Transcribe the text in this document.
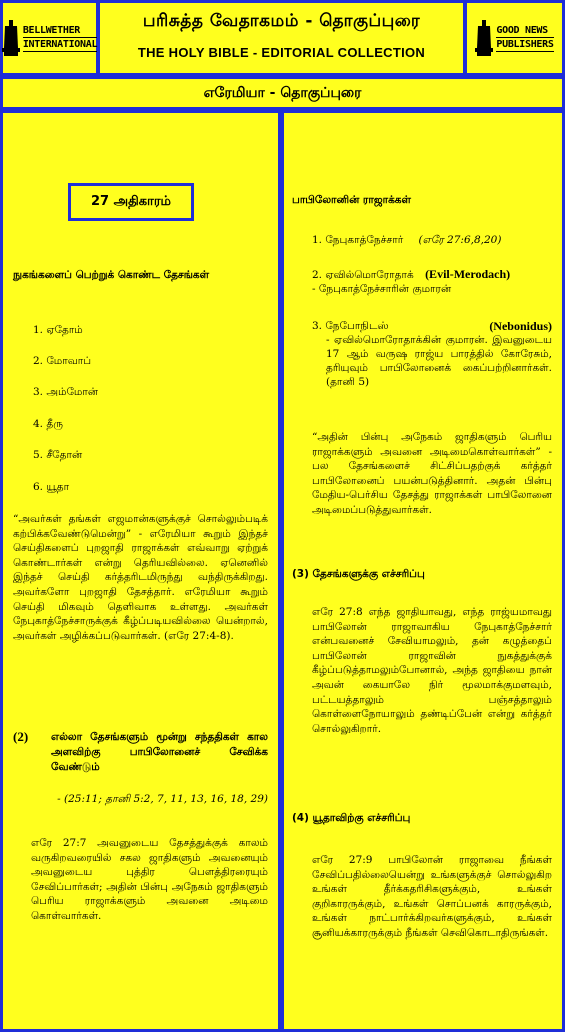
BELLWETHER
INTERNATIONAL
பரிசுத்த வேதாகமம் - தொகுப்புரை
THE HOLY BIBLE - EDITORIAL COLLECTION
GOOD NEWS
PUBLISHERS
எரேமியா - தொகுப்புரை
27 அதிகாரம்
நுகங்களைப் பெற்றுக் கொண்ட தேசங்கள்
1. ஏதோம்
2. மோவாப்
3. அம்மோன்
4. தீரு
5. சீதோன்
6. யூதா
“அவர்கள் தங்கள் எஜமான்களுக்குச் சொல்லும்படிக் கற்பிக்கவேண்டுமென்று” - எரேமியா கூறும் இந்தச் செய்திகளைப் புறஜாதி ராஜாக்கள் எவ்வாறு ஏற்றுக் கொண்டார்கள் என்று தெரியவில்லை. ஏனெனில் இந்தச் செய்தி கர்த்தரிடமிருந்து வந்திருக்கிறது. அவர்களோ புறஜாதி தேசத்தார். எரேமியா கூறும் செய்தி மிகவும் தெளிவாக உள்ளது. அவர்கள் நேபுகாத்நேச்சாருக்குக் கீழ்ப்படியவில்லை யென்றால், அவர்கள் அழிக்கப்படுவார்கள். (எரே 27:4-8).
(2) எல்லா தேசங்களும் மூன்று சந்ததிகள் கால அளவிற்கு பாபிலோனைச் சேவிக்க வேண்டும்
- (25:11; தானி 5:2, 7, 11, 13, 16, 18, 29)
எரே 27:7 அவனுடைய தேசத்துக்குக் காலம் வருகிறவரையில் சகல ஜாதிகளும் அவனையும் அவனுடைய புத்திர பௌத்திரரையும் சேவிப்பார்கள்; அதின் பின்பு அநேகம் ஜாதிகளும் பெரிய ராஜாக்களும் அவனை அடிமை கொள்வார்கள்.
பாபிலோனின் ராஜாக்கள்
1. நேபுகாத்நேச்சார் (எரே 27:6,8,20)
2. ஏவில்மொரோதாக் (Evil-Merodach)
- நேபுகாத்நேச்சாரின் குமாரன்
3. நேபோநிடஸ்	(Nebonidus)
- ஏவில்மொரோதாக்கின் குமாரன். இவனுடைய 17 ஆம் வருஷ ராஜ்ய பாரத்தில் கோரேசும், தரியுவும் பாபிலோனைக் கைப்பற்றினார்கள். (தானி 5)
“அதின் பின்பு அநேகம் ஜாதிகளும் பெரிய ராஜாக்களும் அவனை அடிமைகொள்வார்கள்” - பல தேசங்களைச் சிட்சிப்பதற்குக் கர்த்தர் பாபிலோனைப் பயன்படுத்தினார். அதன் பின்பு மேதிய-பெர்சிய தேசத்து ராஜாக்கள் பாபிலோனை அடிமைப்படுத்துவார்கள்.
(3) தேசங்களுக்கு எச்சரிப்பு
எரே 27:8 எந்த ஜாதியாவது, எந்த ராஜ்யமாவது பாபிலோன் ராஜாவாகிய நேபுகாத்நேச்சார் என்பவனைச் சேவியாமலும், தன் கழுத்தைப் பாபிலோன் ராஜாவின் நுகத்துக்குக் கீழ்ப்படுத்தாமலும்போனால், அந்த ஜாதியை நான் அவன் கையாலே நிர் மூலமாக்குமளவும், பட்டயத்தாலும் பஞ்சத்தாலும் கொள்ளைநோயாலும் தண்டிப்பேன் என்று கர்த்தர் சொல்லுகிறார்.
(4) யூதாவிற்கு எச்சரிப்பு
எரே 27:9 பாபிலோன் ராஜாவை நீங்கள் சேவிப்பதில்லையென்று உங்களுக்குச் சொல்லுகிற உங்கள் தீர்க்கதரிசிகளுக்கும், உங்கள் குறிகாரருக்கும், உங்கள் சொப்பனக் காரருக்கும், உங்கள் நாட்பார்க்கிறவர்களுக்கும், உங்கள் சூனியக்காரருக்கும் நீங்கள் செவிகொடாதிருங்கள்.
